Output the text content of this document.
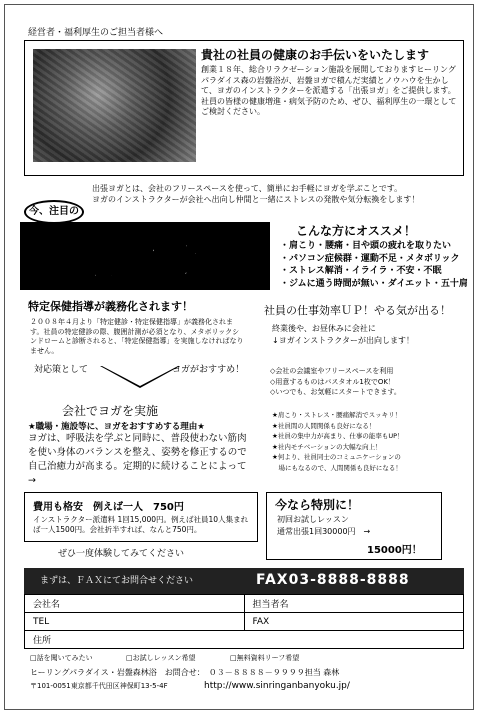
経営者・福利厚生のご担当者様へ
貴社の社員の健康のお手伝いをいたします
創業１８年、総合リラクゼーション施設を展開しておりますヒーリングパラダイス森の岩盤浴が、岩盤ヨガで積んだ実績とノウハウを生かして、ヨガのインストラクターを派遣する「出張ヨガ」をご提供します。社員の皆様の健康増進・病気予防のため、ぜひ、福利厚生の一環としてご検討ください。
出張ヨガとは、会社のフリースペースを使って、簡単にお手軽にヨガを学ぶことです。
ヨガのインストラクターが会社へ出向し仲間と一緒にストレスの発散や気分転換をします！
今、注目の
出張ヨガ
こんな方にオススメ！
・肩こり・腰痛・目や頭の疲れを取りたい
・パソコン症候群・運動不足・メタボリック
・ストレス解消・イライラ・不安・不眠
・ジムに通う時間が無い・ダイエット・五十肩
特定保健指導が義務化されます！
２００８年４月より「特定健診・特定保健指導」が義務化されます。社員の特定健診の際、腹囲計測が必須となり、メタボリックシンドロームと診断されると、「特定保健指導」を実施しなければなりません。
対応策として	ヨガがおすすめ！
社員の仕事効率ＵＰ！やる気が出る！
終業後や、お昼休みに会社に
↓ヨガインストラクターが出向します！
◇会社の会議室やフリースペースを利用
◇用意するものはバスタオル1枚でOK！
◇いつでも、お気軽にスタートできます。
会社でヨガを実施
★職場・施設等に、ヨガをおすすめする理由★
ヨガは、呼吸法を学ぶと同時に、普段使わない筋肉を使い身体のバランスを整え、姿勢を修正するので自己治癒力が高まる。定期的に続けることによって→
★肩こり・ストレス・腰痛解消でスッキリ！
★社員間の人間関係も良好になる！
★社員の集中力が高まり、仕事の能率もUP！
★社内モチベーションの大幅な向上！
★何より、社員同士のコミュニケーションの
　場にもなるので、人間関係も良好になる！
費用も格安　例えば一人　750円
インストラクター派遣料 1回15,000円。例えば社員10人集まれば一人1500円。会社折半すれば、なんと750円。
今なら特別に！
初回お試しレッスン
通常出張1回30000円　→
15000円！
ぜひ一度体験してみてください
まずは、ＦＡＸにてお問合せください	FAX03-8888-8888
会社名	担当者名
TEL	FAX
住所	
□話を聞いてみたい	□お試しレッスン希望	□無料資料リーフ希望
ヒーリングパラダイス・岩盤森林浴　お問合せ：　０３－８８８８－９９９９担当 森林
〒101-0051東京都千代田区神保町13-5-4F	http://www.sinringanbanyoku.jp/
